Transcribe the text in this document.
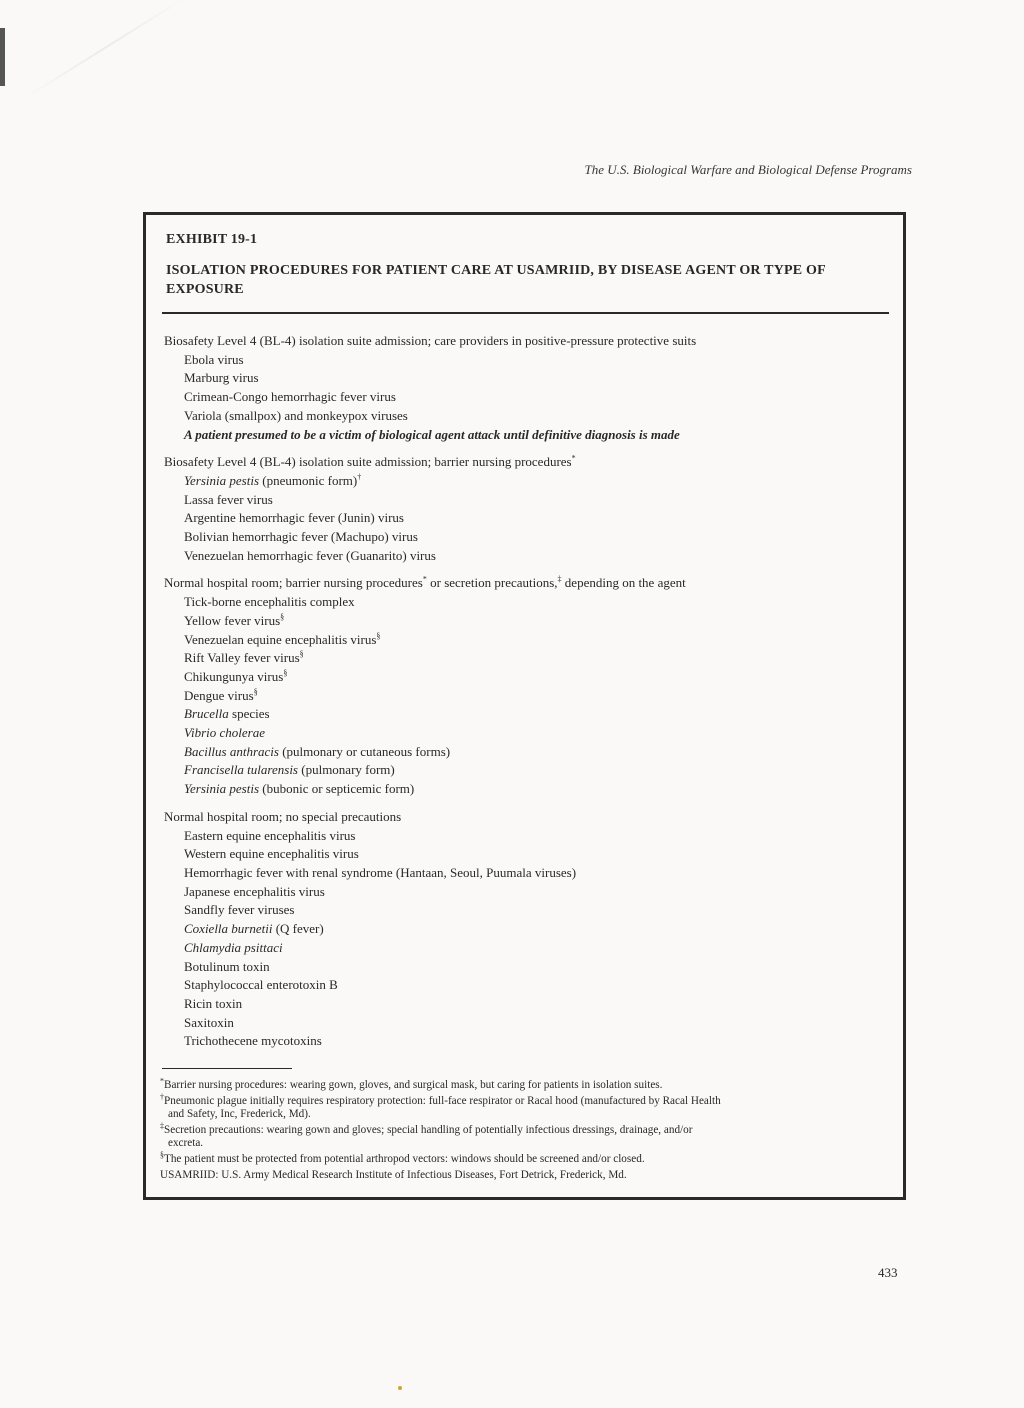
The U.S. Biological Warfare and Biological Defense Programs
EXHIBIT 19-1
ISOLATION PROCEDURES FOR PATIENT CARE AT USAMRIID, BY DISEASE AGENT OR TYPE OF EXPOSURE
Biosafety Level 4 (BL-4) isolation suite admission; care providers in positive-pressure protective suits
Ebola virus
Marburg virus
Crimean-Congo hemorrhagic fever virus
Variola (smallpox) and monkeypox viruses
A patient presumed to be a victim of biological agent attack until definitive diagnosis is made
Biosafety Level 4 (BL-4) isolation suite admission; barrier nursing procedures*
Yersinia pestis (pneumonic form)†
Lassa fever virus
Argentine hemorrhagic fever (Junin) virus
Bolivian hemorrhagic fever (Machupo) virus
Venezuelan hemorrhagic fever (Guanarito) virus
Normal hospital room; barrier nursing procedures* or secretion precautions,‡ depending on the agent
Tick-borne encephalitis complex
Yellow fever virus§
Venezuelan equine encephalitis virus§
Rift Valley fever virus§
Chikungunya virus§
Dengue virus§
Brucella species
Vibrio cholerae
Bacillus anthracis (pulmonary or cutaneous forms)
Francisella tularensis (pulmonary form)
Yersinia pestis (bubonic or septicemic form)
Normal hospital room; no special precautions
Eastern equine encephalitis virus
Western equine encephalitis virus
Hemorrhagic fever with renal syndrome (Hantaan, Seoul, Puumala viruses)
Japanese encephalitis virus
Sandfly fever viruses
Coxiella burnetii (Q fever)
Chlamydia psittaci
Botulinum toxin
Staphylococcal enterotoxin B
Ricin toxin
Saxitoxin
Trichothecene mycotoxins
*Barrier nursing procedures: wearing gown, gloves, and surgical mask, but caring for patients in isolation suites.
†Pneumonic plague initially requires respiratory protection: full-face respirator or Racal hood (manufactured by Racal Health
and Safety, Inc, Frederick, Md).
‡Secretion precautions: wearing gown and gloves; special handling of potentially infectious dressings, drainage, and/or
excreta.
§The patient must be protected from potential arthropod vectors: windows should be screened and/or closed.
USAMRIID: U.S. Army Medical Research Institute of Infectious Diseases, Fort Detrick, Frederick, Md.
433
